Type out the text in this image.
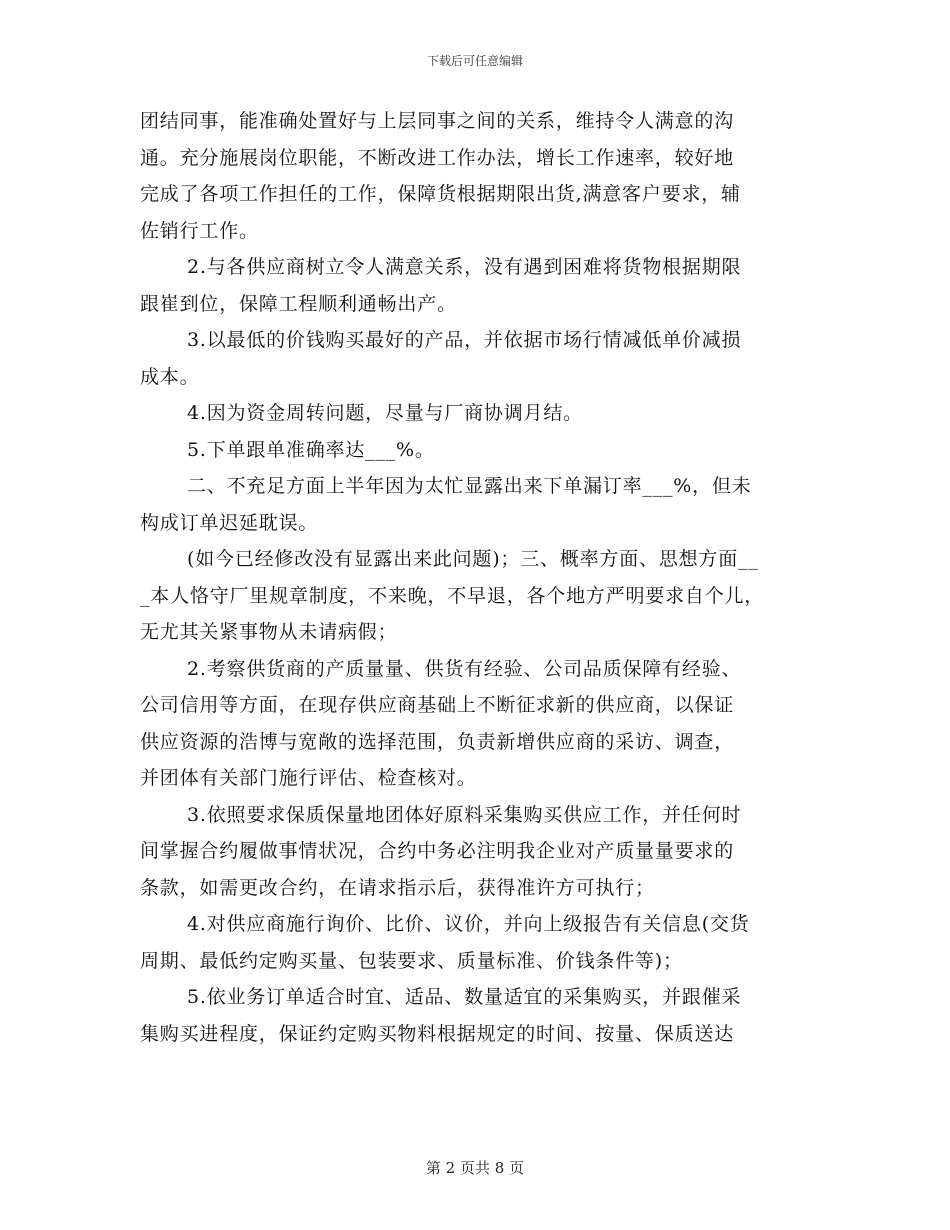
下载后可任意编辑
团结同事，能准确处置好与上层同事之间的关系，维持令人满意的沟
通。充分施展岗位职能，不断改进工作办法，增长工作速率，较好地
完成了各项工作担任的工作，保障货根据期限出货,满意客户要求，辅
佐销行工作。
2.与各供应商树立令人满意关系，没有遇到困难将货物根据期限
跟崔到位，保障工程顺利通畅出产。
3.以最低的价钱购买最好的产品，并依据市场行情减低单价减损
成本。
4.因为资金周转问题，尽量与厂商协调月结。
5.下单跟单准确率达___%。
二、不充足方面上半年因为太忙显露出来下单漏订率___%，但未
构成订单迟延耽误。
(如今已经修改没有显露出来此问题)；三、概率方面、思想方面__
_本人恪守厂里规章制度，不来晚，不早退，各个地方严明要求自个儿，
无尤其关紧事物从未请病假；
2.考察供货商的产质量量、供货有经验、公司品质保障有经验、
公司信用等方面，在现存供应商基础上不断征求新的供应商，以保证
供应资源的浩博与宽敞的选择范围，负责新增供应商的采访、调查，
并团体有关部门施行评估、检查核对。
3.依照要求保质保量地团体好原料采集购买供应工作，并任何时
间掌握合约履做事情状况，合约中务必注明我企业对产质量量要求的
条款，如需更改合约，在请求指示后，获得准许方可执行；
4.对供应商施行询价、比价、议价，并向上级报告有关信息(交货
周期、最低约定购买量、包装要求、质量标准、价钱条件等)；
5.依业务订单适合时宜、适品、数量适宜的采集购买，并跟催采
集购买进程度，保证约定购买物料根据规定的时间、按量、保质送达
第 2 页共 8 页
